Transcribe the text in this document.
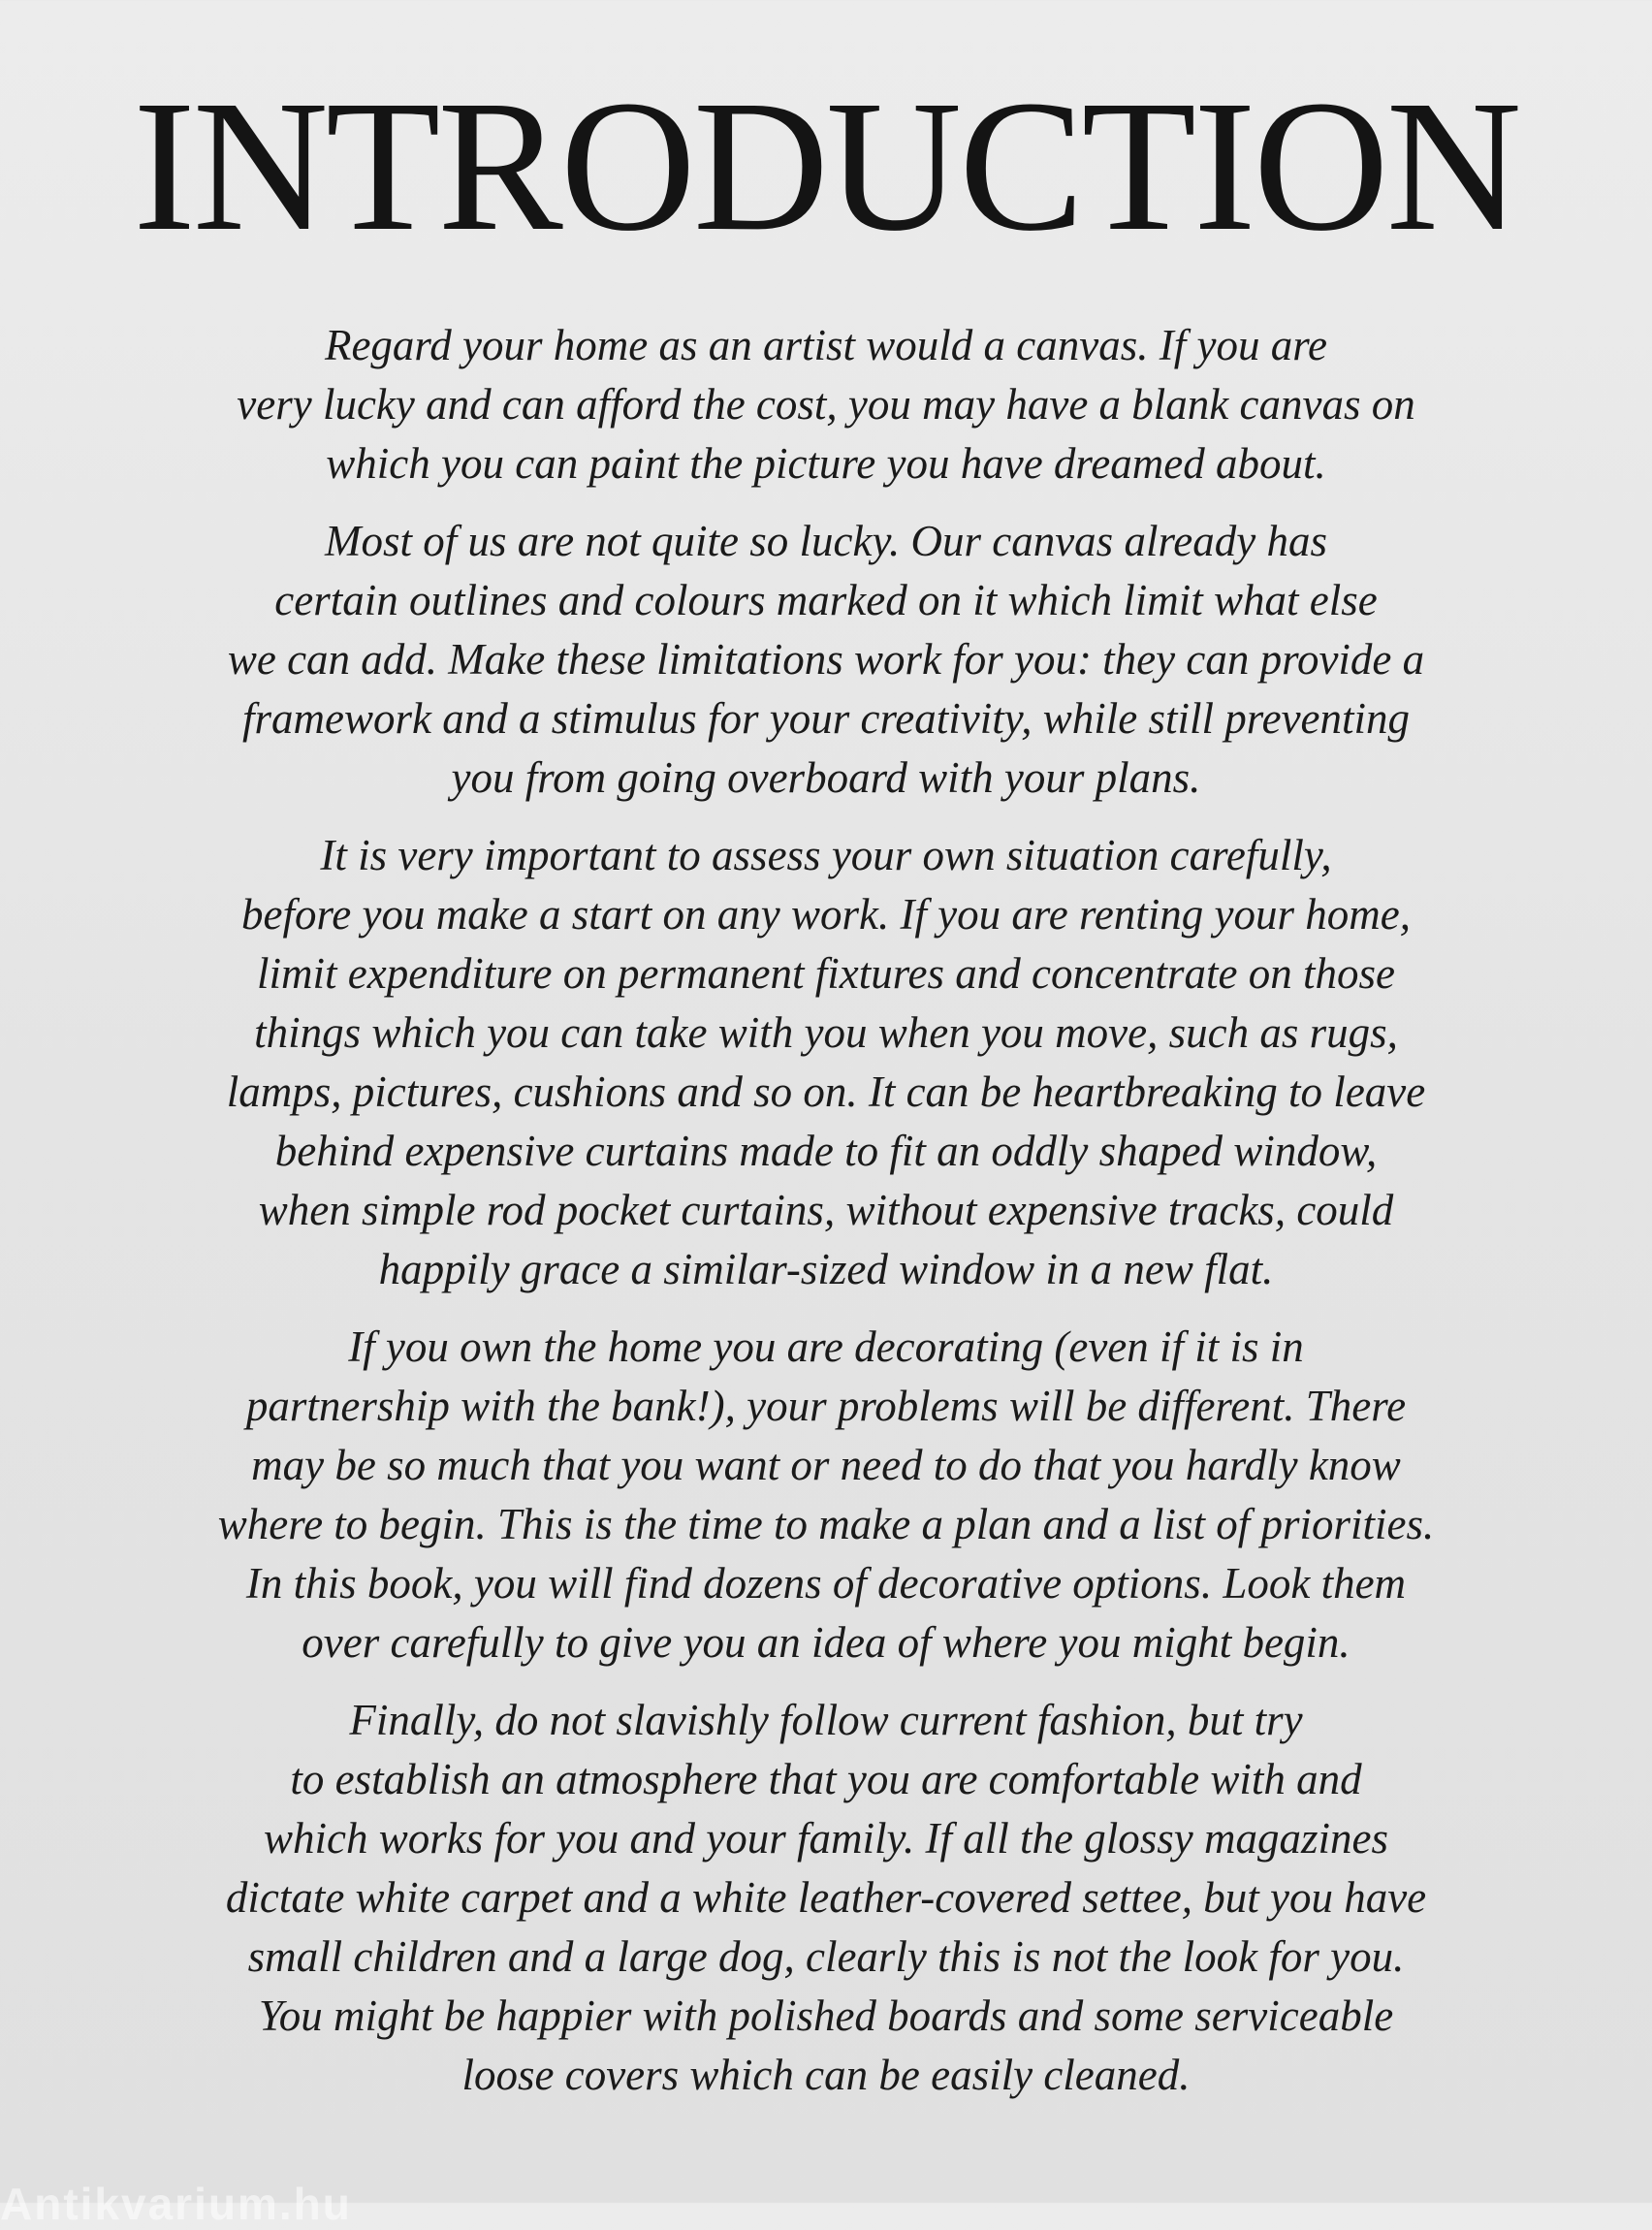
INTRODUCTION

Regard your home as an artist would a canvas. If you are
very lucky and can afford the cost, you may have a blank canvas on
which you can paint the picture you have dreamed about.

Most of us are not quite so lucky. Our canvas already has
certain outlines and colours marked on it which limit what else
we can add. Make these limitations work for you: they can provide a
framework and a stimulus for your creativity, while still preventing
you from going overboard with your plans.

It is very important to assess your own situation carefully,
before you make a start on any work. If you are renting your home,
limit expenditure on permanent fixtures and concentrate on those
things which you can take with you when you move, such as rugs,
lamps, pictures, cushions and so on. It can be heartbreaking to leave
behind expensive curtains made to fit an oddly shaped window,
when simple rod pocket curtains, without expensive tracks, could
happily grace a similar-sized window in a new flat.

If you own the home you are decorating (even if it is in
partnership with the bank!), your problems will be different. There
may be so much that you want or need to do that you hardly know
where to begin. This is the time to make a plan and a list of priorities.
In this book, you will find dozens of decorative options. Look them
over carefully to give you an idea of where you might begin.

Finally, do not slavishly follow current fashion, but try
to establish an atmosphere that you are comfortable with and
which works for you and your family. If all the glossy magazines
dictate white carpet and a white leather-covered settee, but you have
small children and a large dog, clearly this is not the look for you.
You might be happier with polished boards and some serviceable
loose covers which can be easily cleaned.

Antikvarium.hu
